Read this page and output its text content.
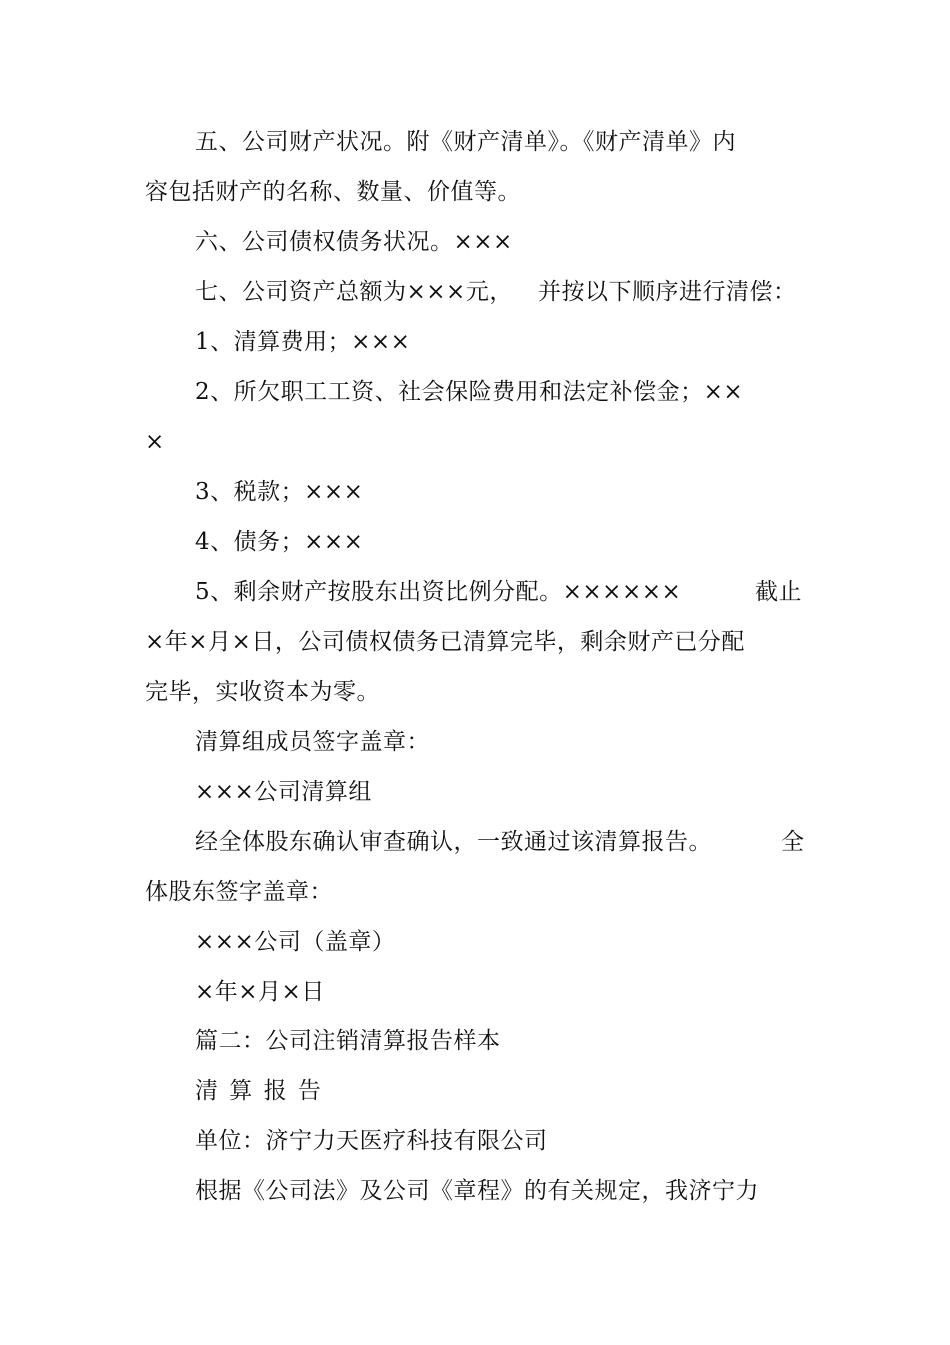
五、公司财产状况。附《财产清单》。《财产清单》内
容包括财产的名称、数量、价值等。
六、公司债权债务状况。×××
七、公司资产总额为×××元， 并按以下顺序进行清偿：
1、清算费用；×××
2、所欠职工工资、社会保险费用和法定补偿金；××
×
3、税款；×××
4、债务；×××
5、剩余财产按股东出资比例分配。××××××	截止
×年×月×日，公司债权债务已清算完毕，剩余财产已分配
完毕，实收资本为零。
清算组成员签字盖章：
×××公司清算组
经全体股东确认审查确认，一致通过该清算报告。	全
体股东签字盖章：
×××公司（盖章）
×年×月×日
篇二：公司注销清算报告样本
清 算 报 告
单位：济宁力天医疗科技有限公司
根据《公司法》及公司《章程》的有关规定，我济宁力
